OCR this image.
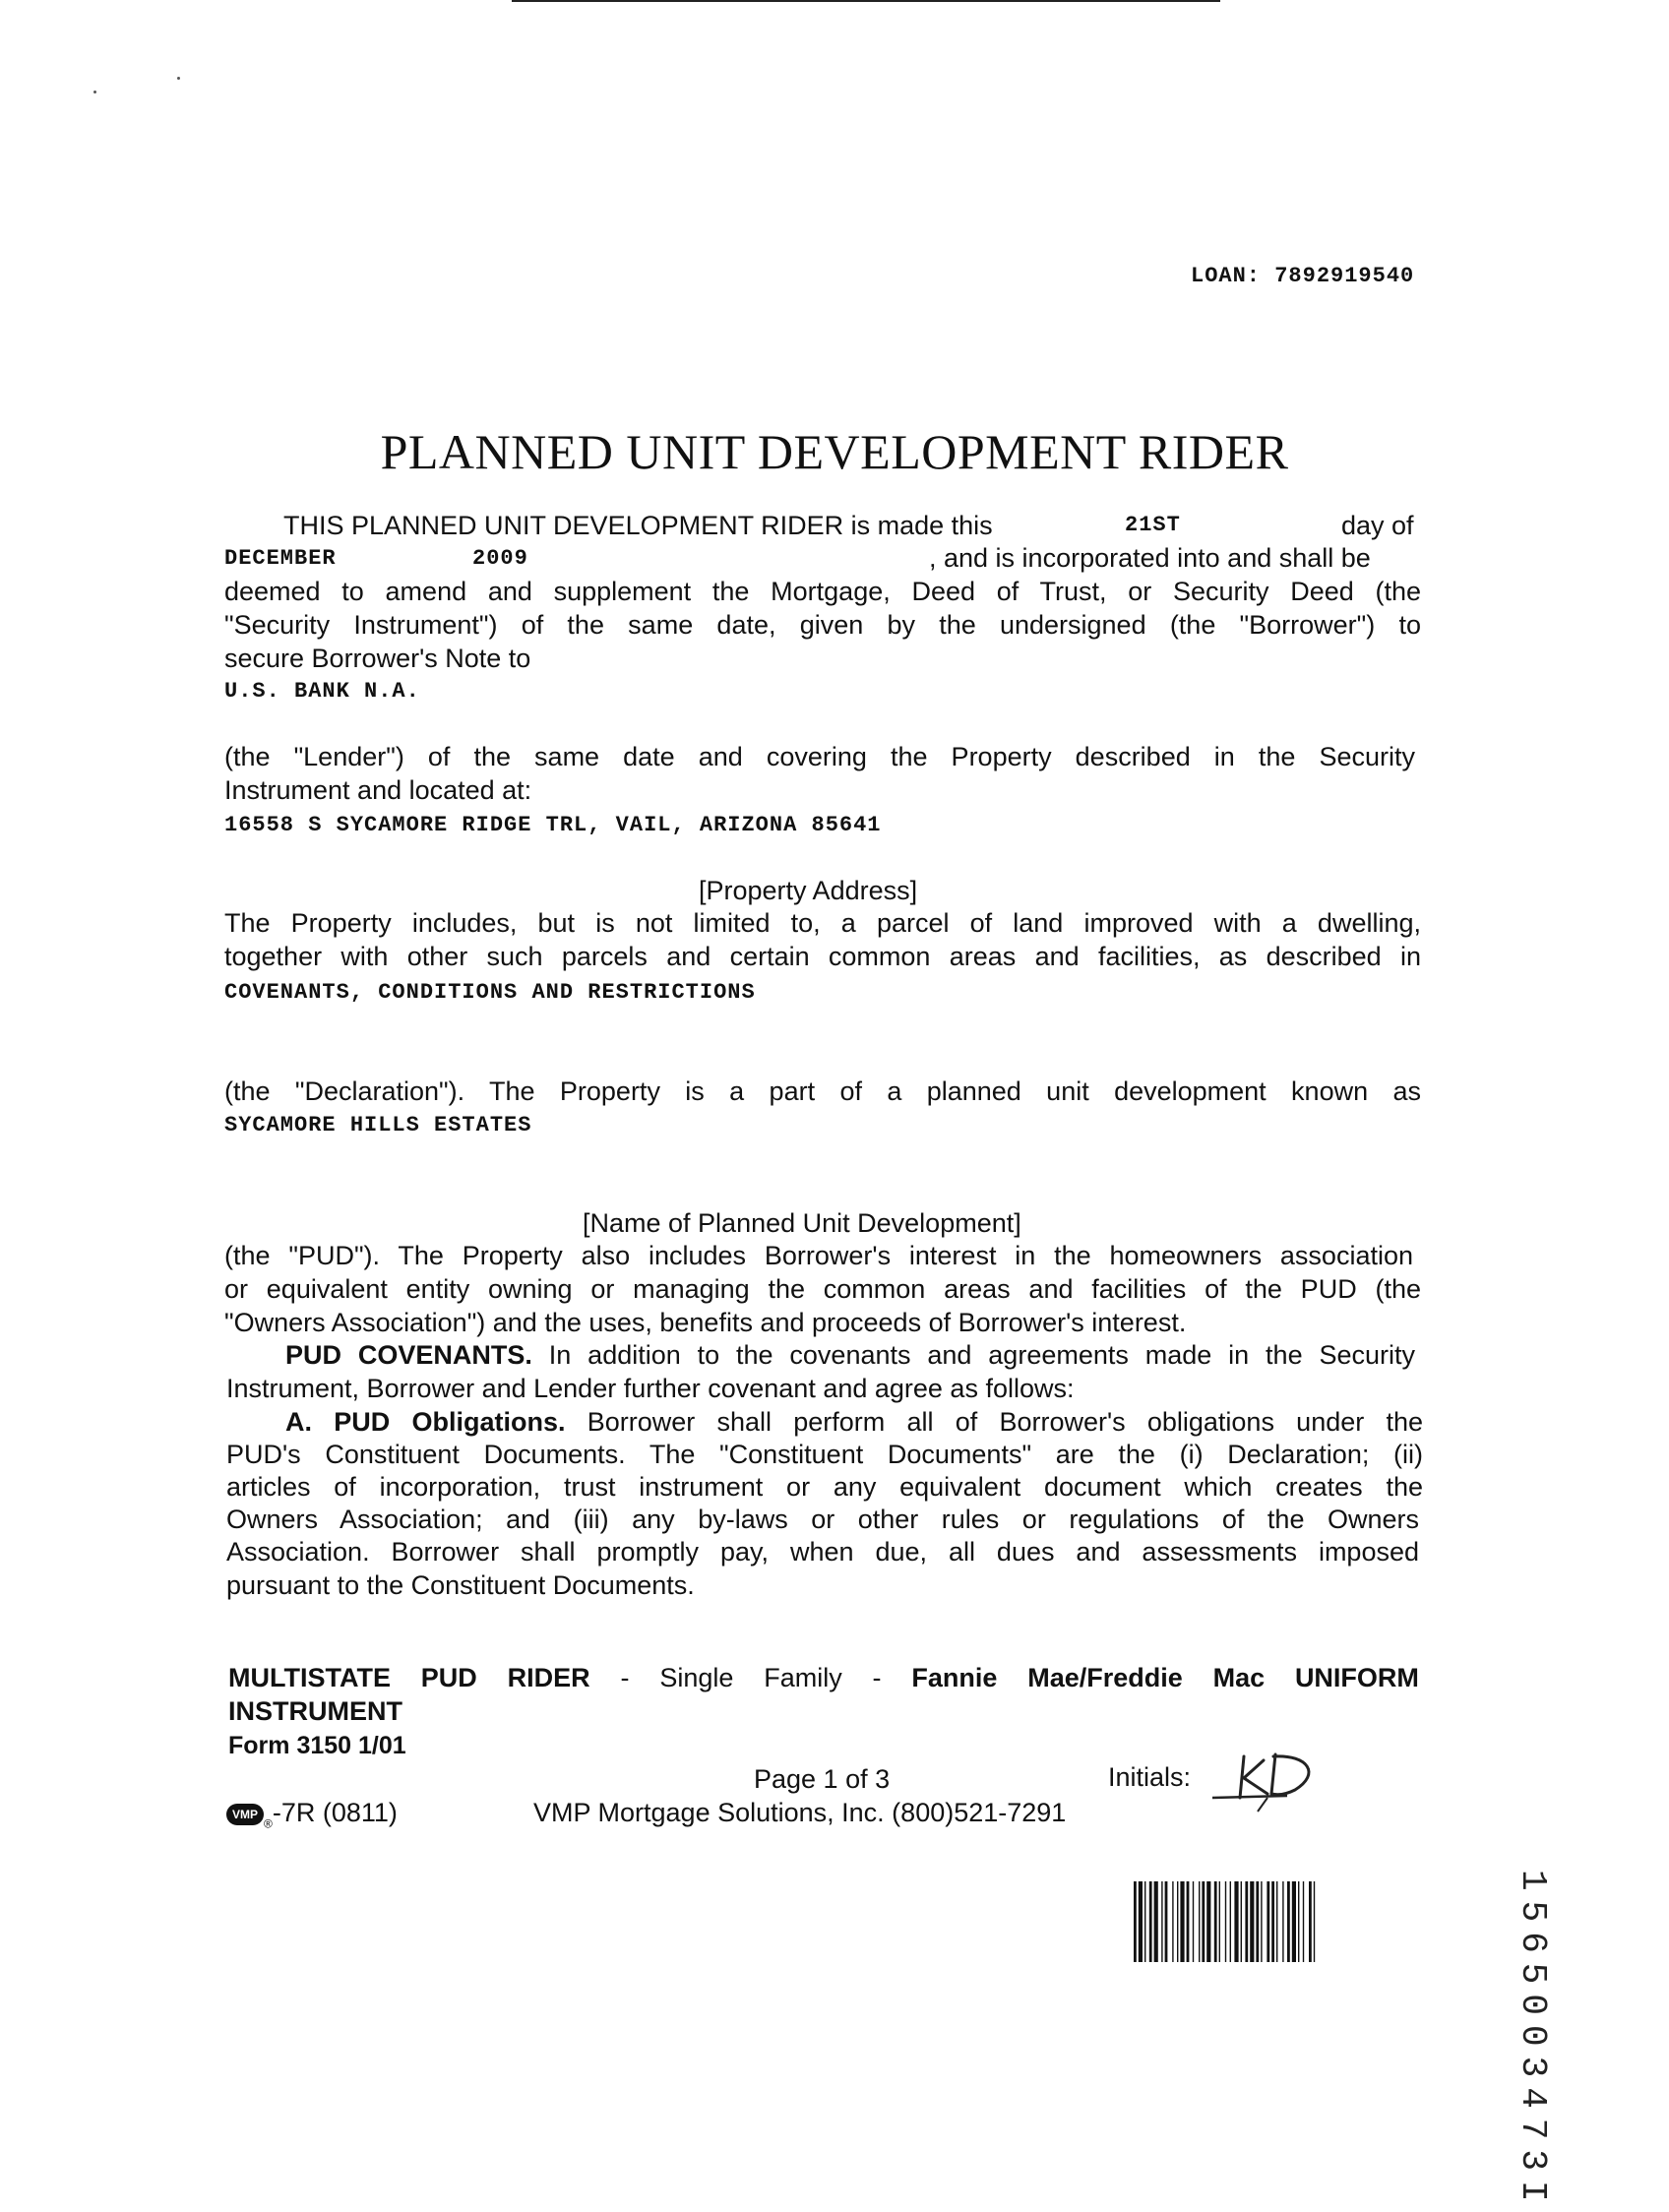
LOAN: 7892919540
PLANNED UNIT DEVELOPMENT RIDER
THIS PLANNED UNIT DEVELOPMENT RIDER is made this	21ST	day of
DECEMBER	2009	, and is incorporated into and shall be
deemed to amend and supplement the Mortgage, Deed of Trust, or Security Deed (the
"Security Instrument") of the same date, given by the undersigned (the "Borrower") to
secure Borrower's Note to
U.S. BANK N.A.
(the "Lender") of the same date and covering the Property described in the Security
Instrument and located at:
16558 S SYCAMORE RIDGE TRL, VAIL, ARIZONA 85641
[Property Address]
The Property includes, but is not limited to, a parcel of land improved with a dwelling,
together with other such parcels and certain common areas and facilities, as described in
COVENANTS, CONDITIONS AND RESTRICTIONS
(the "Declaration"). The Property is a part of a planned unit development known as
SYCAMORE HILLS ESTATES
[Name of Planned Unit Development]
(the "PUD"). The Property also includes Borrower's interest in the homeowners association
or equivalent entity owning or managing the common areas and facilities of the PUD (the
"Owners Association") and the uses, benefits and proceeds of Borrower's interest.
PUD COVENANTS. In addition to the covenants and agreements made in the Security
Instrument, Borrower and Lender further covenant and agree as follows:
A. PUD Obligations. Borrower shall perform all of Borrower's obligations under the
PUD's Constituent Documents. The "Constituent Documents" are the (i) Declaration; (ii)
articles of incorporation, trust instrument or any equivalent document which creates the
Owners Association; and (iii) any by-laws or other rules or regulations of the Owners
Association. Borrower shall promptly pay, when due, all dues and assessments imposed
pursuant to the Constituent Documents.
MULTISTATE PUD RIDER - Single Family - Fannie Mae/Freddie Mac UNIFORM
INSTRUMENT
Form 3150 1/01
Page 1 of 3	Initials:
$VMP_®-7R$ (0811)	VMP Mortgage Solutions, Inc. (800)521-7291
1565003473I
